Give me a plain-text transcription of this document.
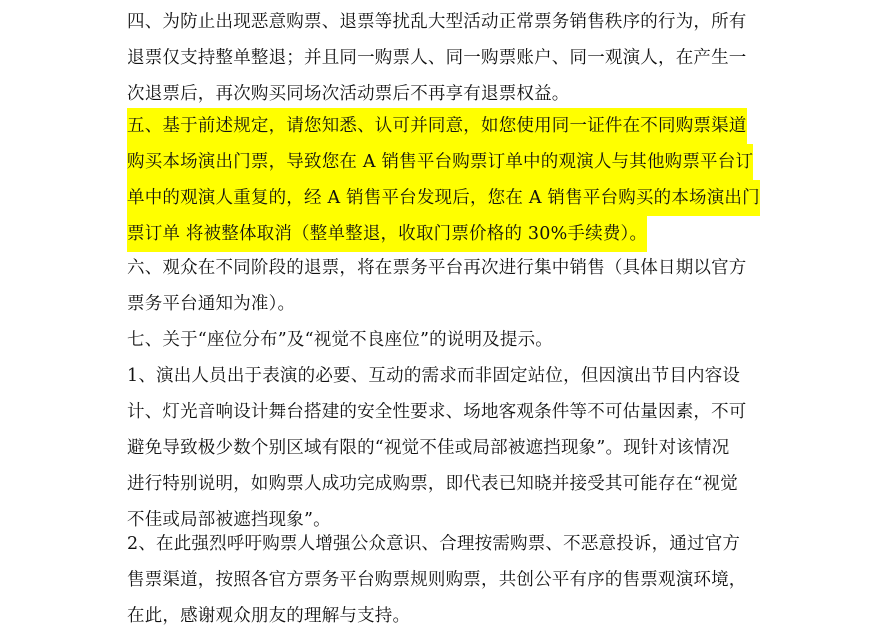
四、为防止出现恶意购票、退票等扰乱大型活动正常票务销售秩序的行为，所有
退票仅支持整单整退；并且同一购票人、同一购票账户、同一观演人，在产生一
次退票后，再次购买同场次活动票后不再享有退票权益。
五、基于前述规定，请您知悉、认可并同意，如您使用同一证件在不同购票渠道
购买本场演出门票，导致您在 A 销售平台购票订单中的观演人与其他购票平台订
单中的观演人重复的，经 A 销售平台发现后，您在 A 销售平台购买的本场演出门
票订单 将被整体取消（整单整退，收取门票价格的 30%手续费）。
六、观众在不同阶段的退票，将在票务平台再次进行集中销售（具体日期以官方
票务平台通知为准）。
七、关于“座位分布”及“视觉不良座位”的说明及提示。
1、演出人员出于表演的必要、互动的需求而非固定站位，但因演出节目内容设
计、灯光音响设计舞台搭建的安全性要求、场地客观条件等不可估量因素，不可
避免导致极少数个别区域有限的“视觉不佳或局部被遮挡现象”。现针对该情况
进行特别说明，如购票人成功完成购票，即代表已知晓并接受其可能存在“视觉
不佳或局部被遮挡现象”。
2、在此强烈呼吁购票人增强公众意识、合理按需购票、不恶意投诉，通过官方
售票渠道，按照各官方票务平台购票规则购票，共创公平有序的售票观演环境，
在此，感谢观众朋友的理解与支持。
